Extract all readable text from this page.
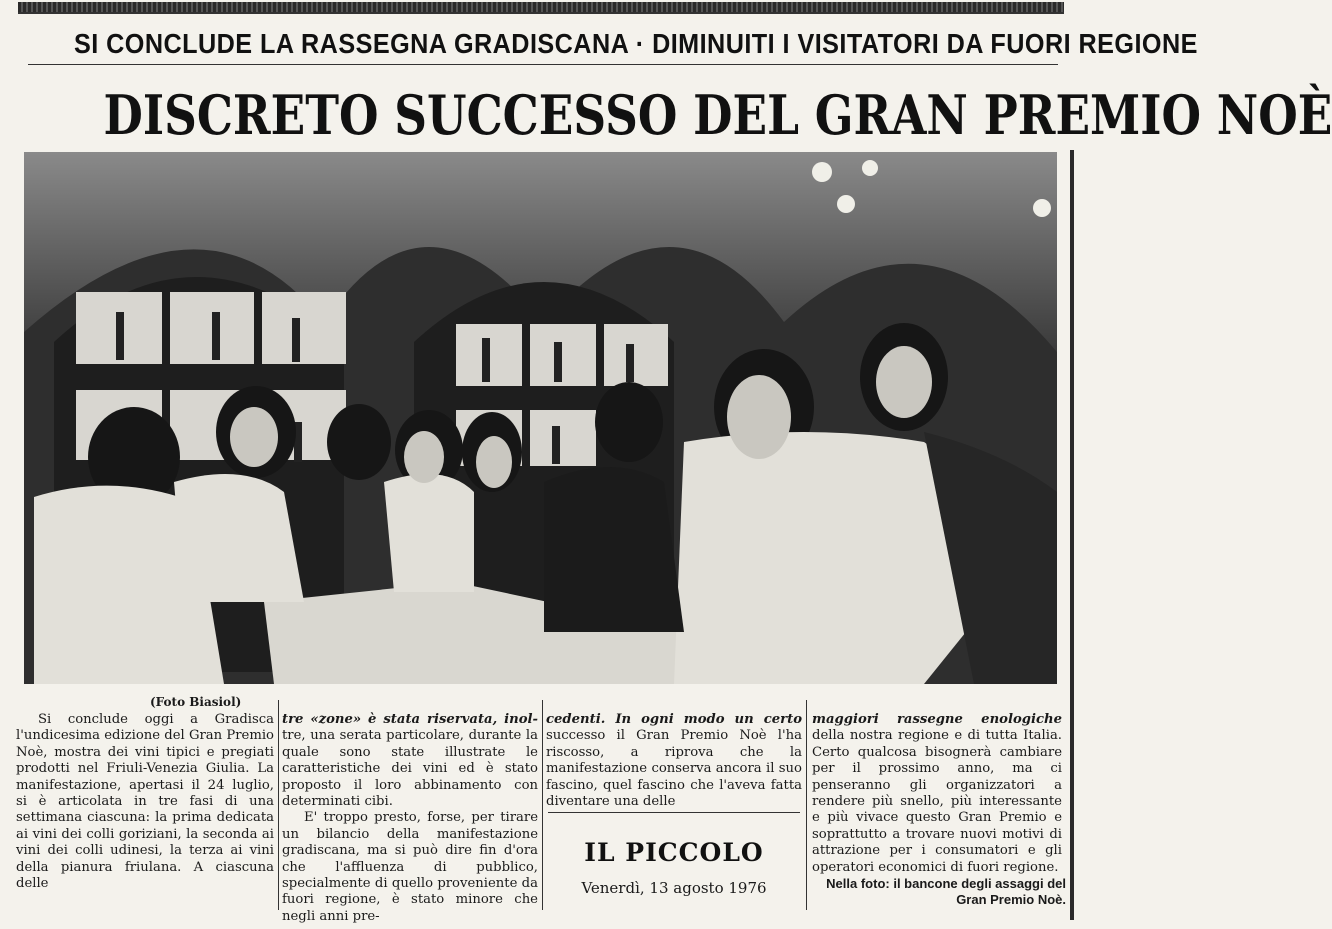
SI CONCLUDE LA RASSEGNA GRADISCANA · DIMINUITI I VISITATORI DA FUORI REGIONE
DISCRETO SUCCESSO DEL GRAN PREMIO NOÈ
(Foto Biasiol)

Si conclude oggi a Gradisca l'undicesima edizione del Gran Premio Noè, mostra dei vini tipici e pregiati prodotti nel Friuli-Venezia Giulia. La manifestazione, apertasi il 24 luglio, si è articolata in tre fasi di una settimana ciascuna: la prima dedicata ai vini dei colli goriziani, la seconda ai vini dei colli udinesi, la terza ai vini della pianura friulana. A ciascuna delle

tre «zone» è stata riservata, inol- tre, una serata particolare, durante la quale sono state illustrate le caratteristiche dei vini ed è stato proposto il loro abbinamento con determinati cibi.

E' troppo presto, forse, per tirare un bilancio della manifestazione gradiscana, ma si può dire fin d'ora che l'affluenza di pubblico, specialmente di quello proveniente da fuori regione, è stato minore che negli anni pre-

cedenti. In ogni modo un certo successo il Gran Premio Noè l'ha riscosso, a riprova che la manifestazione conserva ancora il suo fascino, quel fascino che l'aveva fatta diventare una delle

maggiori rassegne enologiche della nostra regione e di tutta Italia. Certo qualcosa bisognerà cambiare per il prossimo anno, ma ci penseranno gli organizzatori a rendere più snello, più interessante e più vivace questo Gran Premio e soprattutto a trovare nuovi motivi di attrazione per i consumatori e gli operatori economici di fuori regione.

IL PICCOLO
Venerdì, 13 agosto 1976	Nella foto: il bancone degli assaggi del Gran Premio Noè.
